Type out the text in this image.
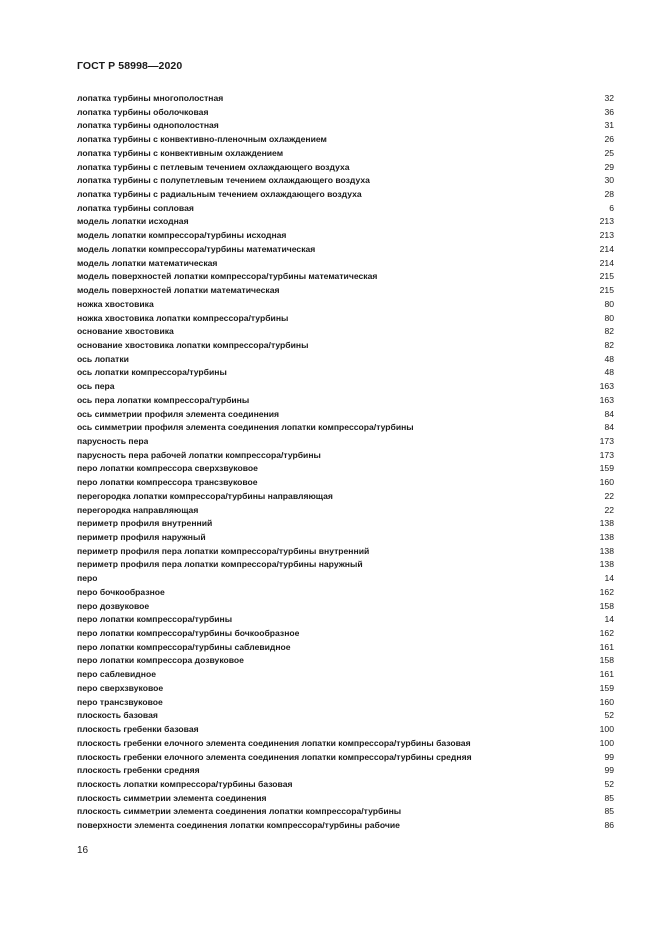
ГОСТ Р 58998—2020
лопатка турбины многополостная	32
лопатка турбины оболочковая	36
лопатка турбины однополостная	31
лопатка турбины с конвективно-пленочным охлаждением	26
лопатка турбины с конвективным охлаждением	25
лопатка турбины с петлевым течением охлаждающего воздуха	29
лопатка турбины с полупетлевым течением охлаждающего воздуха	30
лопатка турбины с радиальным течением охлаждающего воздуха	28
лопатка турбины сопловая	6
модель лопатки исходная	213
модель лопатки компрессора/турбины исходная	213
модель лопатки компрессора/турбины математическая	214
модель лопатки математическая	214
модель поверхностей лопатки компрессора/турбины математическая	215
модель поверхностей лопатки математическая	215
ножка хвостовика	80
ножка хвостовика лопатки компрессора/турбины	80
основание хвостовика	82
основание хвостовика лопатки компрессора/турбины	82
ось лопатки	48
ось лопатки компрессора/турбины	48
ось пера	163
ось пера лопатки компрессора/турбины	163
ось симметрии профиля элемента соединения	84
ось симметрии профиля элемента соединения лопатки компрессора/турбины	84
парусность пера	173
парусность пера рабочей лопатки компрессора/турбины	173
перо лопатки компрессора сверхзвуковое	159
перо лопатки компрессора трансзвуковое	160
перегородка лопатки компрессора/турбины направляющая	22
перегородка направляющая	22
периметр профиля внутренний	138
периметр профиля наружный	138
периметр профиля пера лопатки компрессора/турбины внутренний	138
периметр профиля пера лопатки компрессора/турбины наружный	138
перо	14
перо бочкообразное	162
перо дозвуковое	158
перо лопатки компрессора/турбины	14
перо лопатки компрессора/турбины бочкообразное	162
перо лопатки компрессора/турбины саблевидное	161
перо лопатки компрессора дозвуковое	158
перо саблевидное	161
перо сверхзвуковое	159
перо трансзвуковое	160
плоскость базовая	52
плоскость гребенки базовая	100
плоскость гребенки елочного элемента соединения лопатки компрессора/турбины базовая	100
плоскость гребенки елочного элемента соединения лопатки компрессора/турбины средняя	99
плоскость гребенки средняя	99
плоскость лопатки компрессора/турбины базовая	52
плоскость симметрии элемента соединения	85
плоскость симметрии элемента соединения лопатки компрессора/турбины	85
поверхности элемента соединения лопатки компрессора/турбины рабочие	86
16
